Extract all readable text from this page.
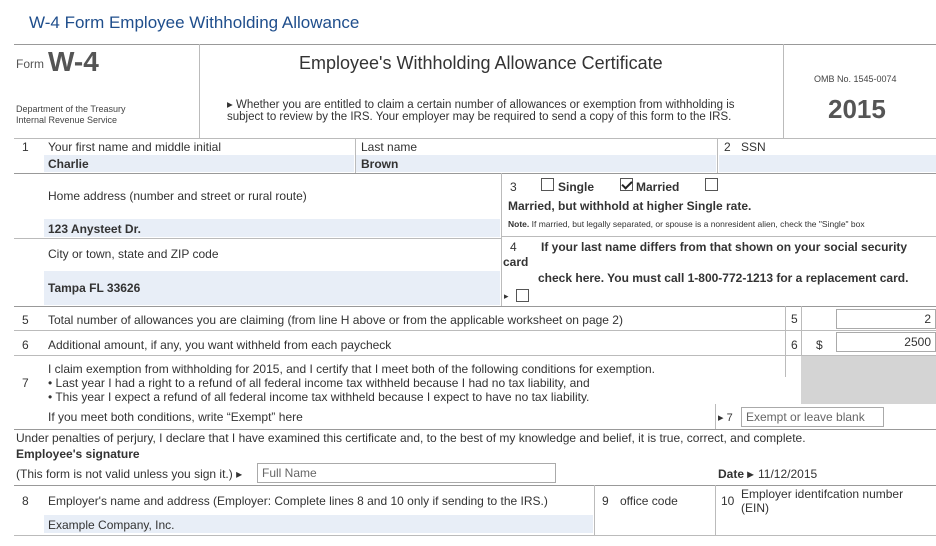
W-4 Form Employee Withholding Allowance
Form W-4
Department of the Treasury
Internal Revenue Service
Employee's Withholding Allowance Certificate
▸ Whether you are entitled to claim a certain number of allowances or exemption from withholding is
subject to review by the IRS. Your employer may be required to send a copy of this form to the IRS.
OMB No. 1545-0074
2015
1 Your first name and middle initial
Charlie
Last name
Brown
2 SSN
Home address (number and street or rural route)
123 Anysteet Dr.
City or town, state and ZIP code
Tampa FL 33626
3	Single	Married
Married, but withhold at higher Single rate.
Note. If married, but legally separated, or spouse is a nonresident alien, check the "Single" box
4 If your last name differs from that shown on your social security
card
check here. You must call 1-800-772-1213 for a replacement card.
▸
5 Total number of allowances you are claiming (from line H above or from the applicable worksheet on page 2)	5	2
6 Additional amount, if any, you want withheld from each paycheck	6 $	2500
I claim exemption from withholding for 2015, and I certify that I meet both of the following conditions for exemption.
7 • Last year I had a right to a refund of all federal income tax withheld because I had no tax liability, and
• This year I expect a refund of all federal income tax withheld because I expect to have no tax liability.
If you meet both conditions, write “Exempt” here	▸ 7	Exempt or leave blank
Under penalties of perjury, I declare that I have examined this certificate and, to the best of my knowledge and belief, it is true, correct, and complete.
Employee's signature
(This form is not valid unless you sign it.) ▸	Full Name	Date ▸ 11/12/2015
8 Employer's name and address (Employer: Complete lines 8 and 10 only if sending to the IRS.)
Example Company, Inc.
9 office code	10 Employer identifcation number
(EIN)
